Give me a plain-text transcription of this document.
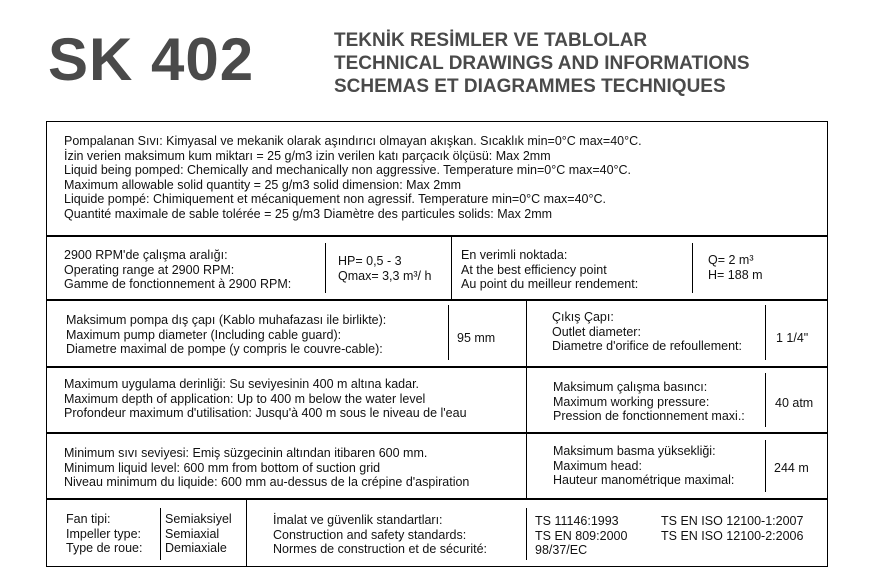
SK 402	TEKNİK RESİMLER VE TABLOLAR
TECHNICAL DRAWINGS AND INFORMATIONS
SCHEMAS ET DIAGRAMMES TECHNIQUES
Pompalanan Sıvı: Kimyasal ve mekanik olarak aşındırıcı olmayan akışkan. Sıcaklık min=0°C max=40°C.
İzin verien maksimum kum miktarı = 25 g/m3 izin verilen katı parçacık ölçüsü: Max 2mm
Liquid being pomped: Chemically and mechanically non aggressive. Temperature min=0°C max=40°C.
Maximum allowable solid quantity = 25 g/m3 solid dimension: Max 2mm
Liquide pompé: Chimiquement et mécaniquement non agressif. Temperature min=0°C max=40°C.
Quantité maximale de sable tolérée = 25 g/m3 Diamètre des particules solids: Max 2mm
2900 RPM'de çalışma aralığı:
Operating range at 2900 RPM:
Gamme de fonctionnement à 2900 RPM:
HP= 0,5 - 3
Qmax= 3,3 m³/ h
En verimli noktada:
At the best efficiency point
Au point du meilleur rendement:
Q= 2 m³
H= 188 m
Maksimum pompa dış çapı (Kablo muhafazası ile birlikte):
Maximum pump diameter (Including cable guard):
Diametre maximal de pompe (y compris le couvre-cable):
95 mm
Çıkış Çapı:
Outlet diameter:
Diametre d'orifice de refoullement:
1 1/4"
Maximum uygulama derinliği: Su seviyesinin 400 m altına kadar.
Maximum depth of application: Up to 400 m below the water level
Profondeur maximum d'utilisation: Jusqu'à 400 m sous le niveau de l'eau
Maksimum çalışma basıncı:
Maximum working pressure:
Pression de fonctionnement maxi.:
40 atm
Minimum sıvı seviyesi: Emiş süzgecinin altından itibaren 600 mm.
Minimum liquid level: 600 mm from bottom of suction grid
Niveau minimum du liquide: 600 mm au-dessus de la crépine d'aspiration
Maksimum basma yüksekliği:
Maximum head:
Hauteur manométrique maximal:
244 m
Fan tipi:
Impeller type:
Type de roue:
Semiaksiyel
Semiaxial
Demiaxiale
İmalat ve güvenlik standartları:
Construction and safety standards:
Normes de construction et de sécurité:
TS 11146:1993
TS EN 809:2000
98/37/EC
TS EN ISO 12100-1:2007
TS EN ISO 12100-2:2006
